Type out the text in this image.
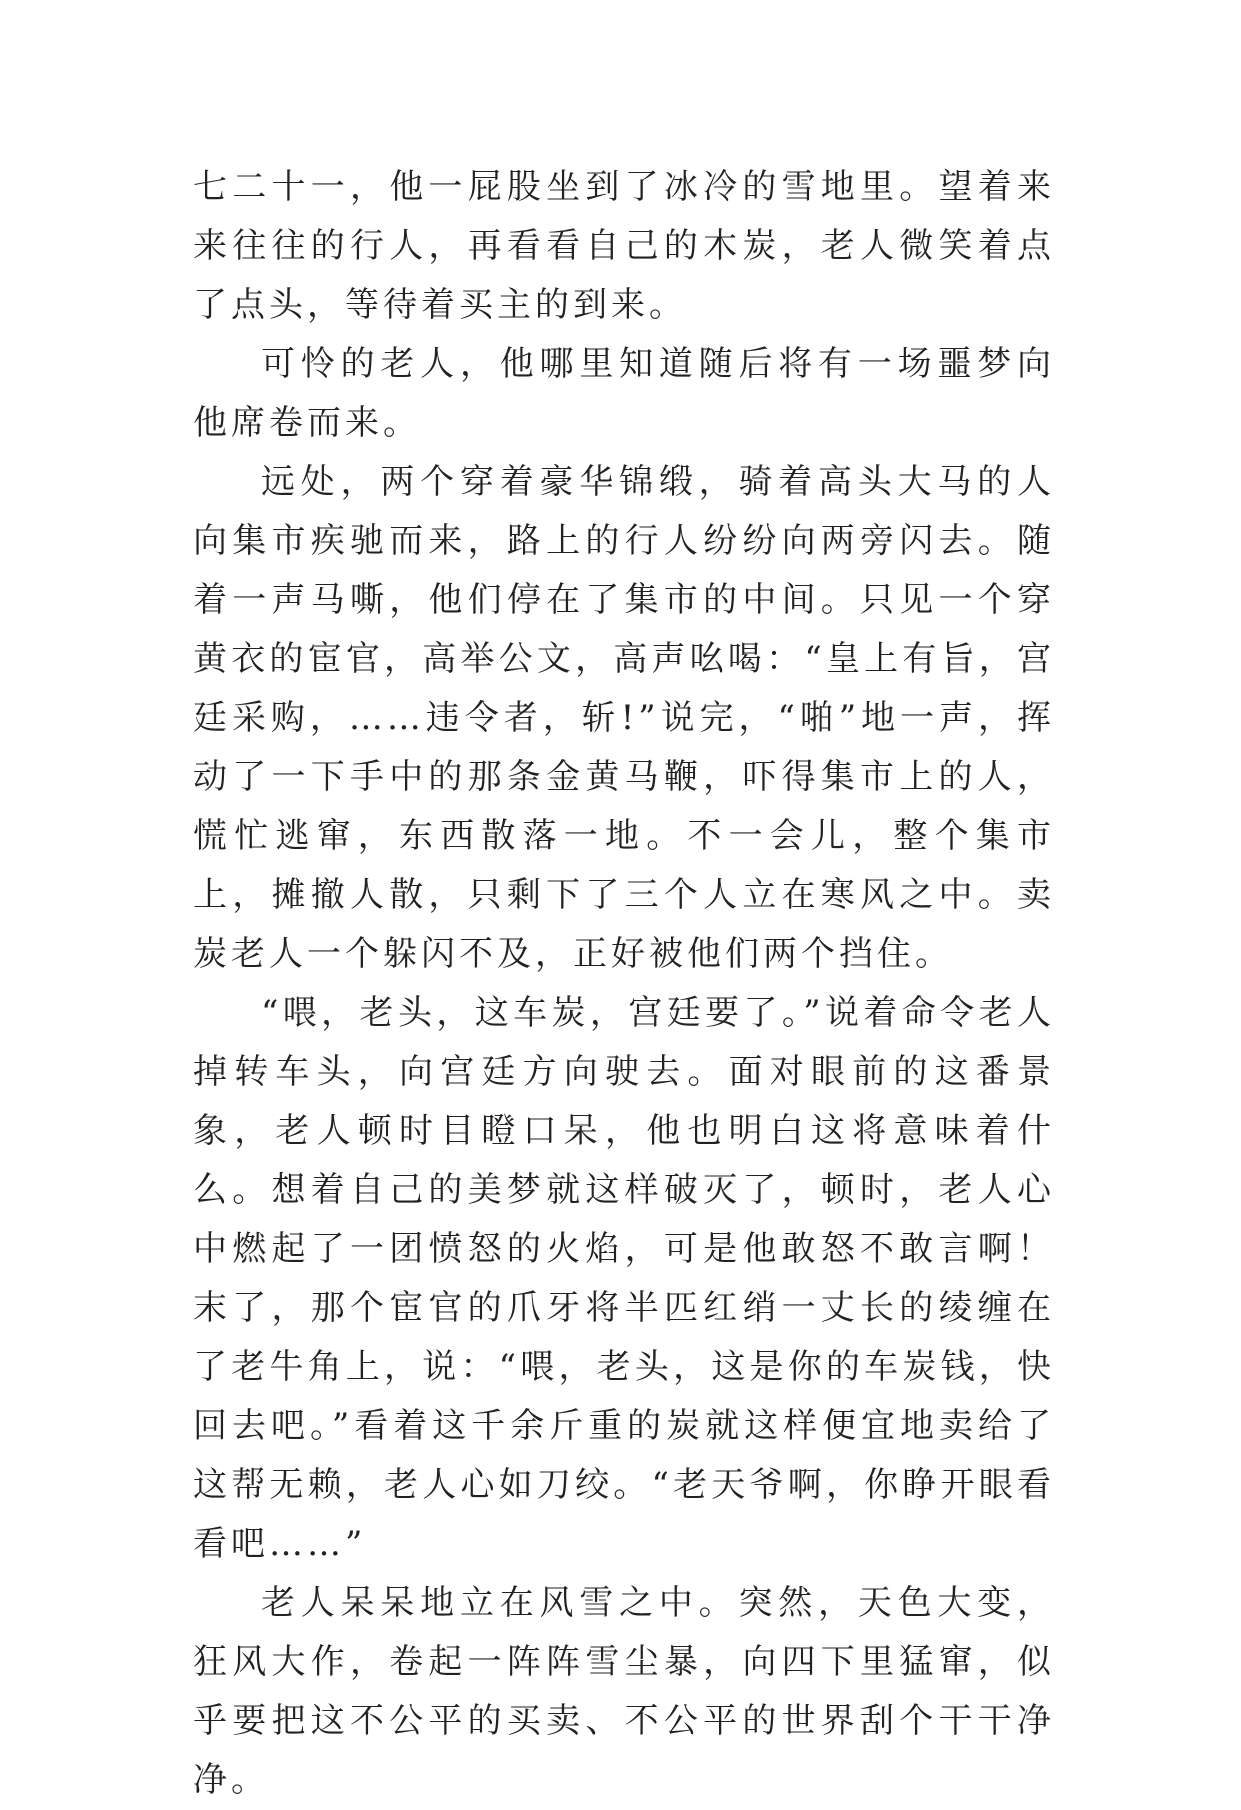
七二十一，他一屁股坐到了冰冷的雪地里。望着来来往往的行人，再看看自己的木炭，老人微笑着点了点头，等待着买主的到来。

可怜的老人，他哪里知道随后将有一场噩梦向他席卷而来。

远处，两个穿着豪华锦缎，骑着高头大马的人向集市疾驰而来，路上的行人纷纷向两旁闪去。随着一声马嘶，他们停在了集市的中间。只见一个穿黄衣的宦官，高举公文，高声吆喝：“皇上有旨，宫廷采购，……违令者，斩!”说完，“啪”地一声，挥动了一下手中的那条金黄马鞭，吓得集市上的人，慌忙逃窜，东西散落一地。不一会儿，整个集市上，摊撤人散，只剩下了三个人立在寒风之中。卖炭老人一个躲闪不及，正好被他们两个挡住。

“喂，老头，这车炭，宫廷要了。”说着命令老人掉转车头，向宫廷方向驶去。面对眼前的这番景象，老人顿时目瞪口呆，他也明白这将意味着什么。想着自己的美梦就这样破灭了，顿时，老人心中燃起了一团愤怒的火焰，可是他敢怒不敢言啊！末了，那个宦官的爪牙将半匹红绡一丈长的绫缠在了老牛角上，说：“喂，老头，这是你的车炭钱，快回去吧。”看着这千余斤重的炭就这样便宜地卖给了这帮无赖，老人心如刀绞。“老天爷啊，你睁开眼看看吧……”

老人呆呆地立在风雪之中。突然，天色大变，狂风大作，卷起一阵阵雪尘暴，向四下里猛窜，似乎要把这不公平的买卖、不公平的世界刮个干干净净。
